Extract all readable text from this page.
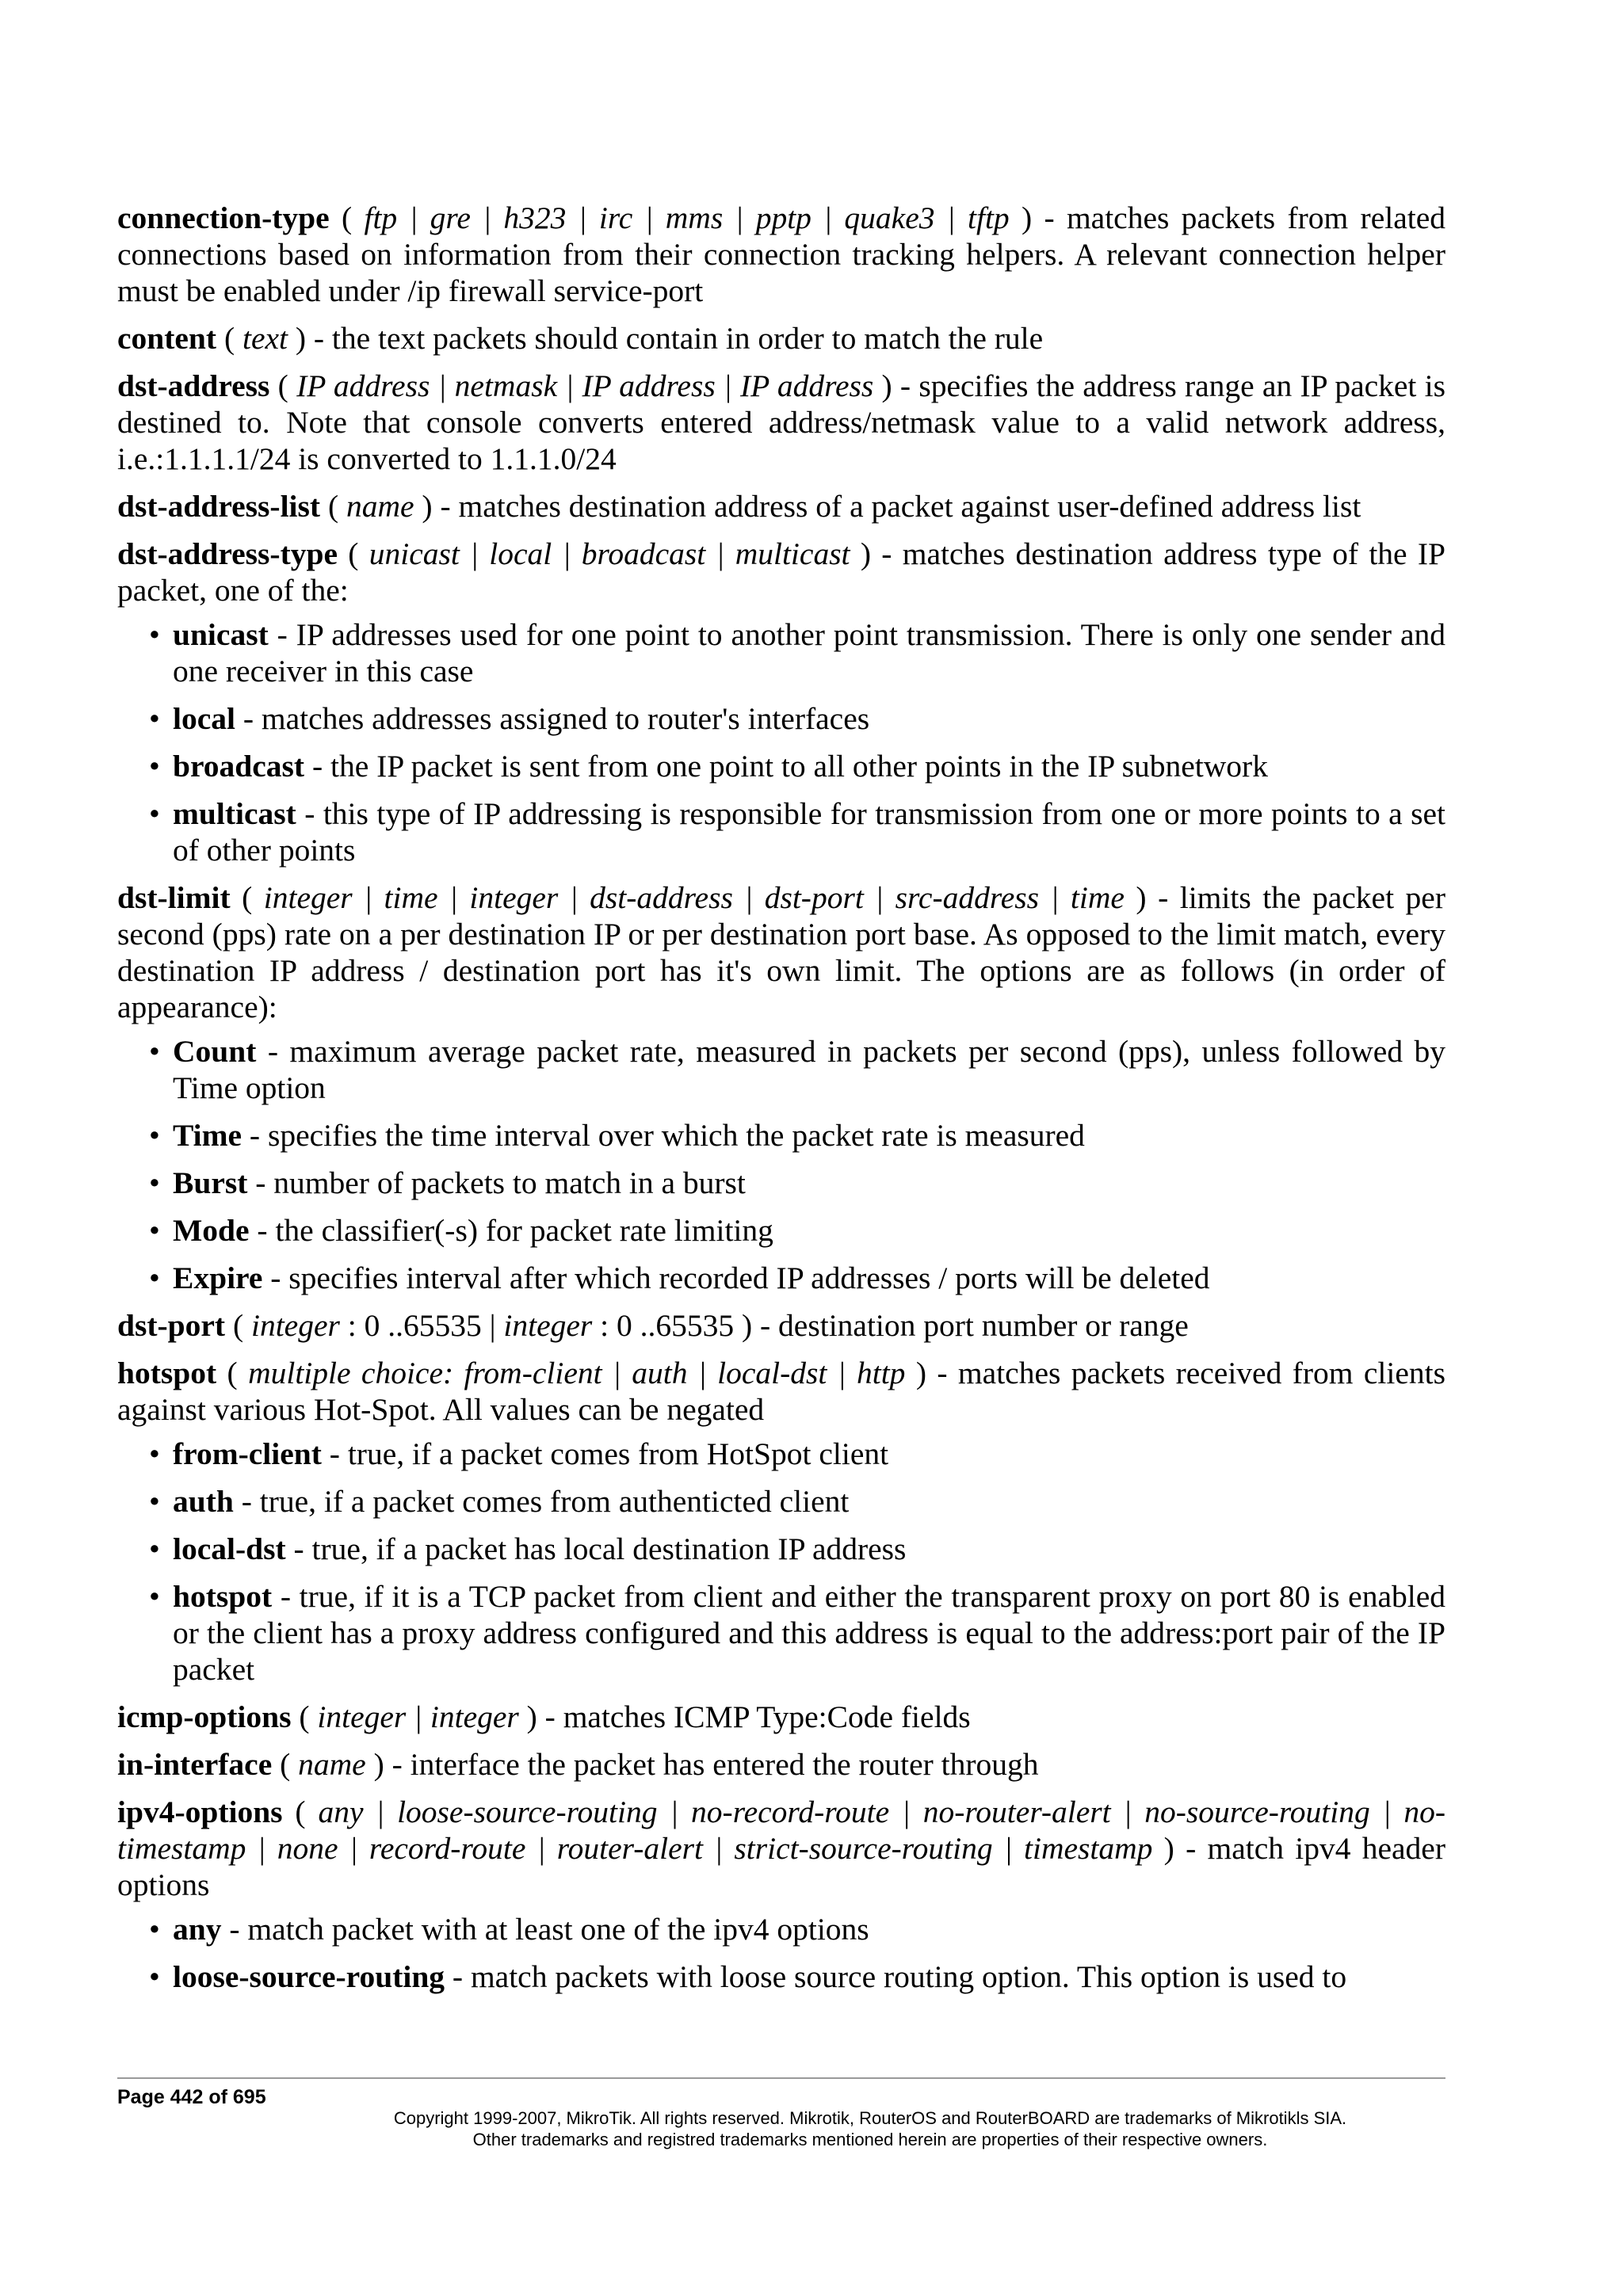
connection-type ( ftp | gre | h323 | irc | mms | pptp | quake3 | tftp ) - matches packets from related connections based on information from their connection tracking helpers. A relevant connection helper must be enabled under /ip firewall service-port

content ( text ) - the text packets should contain in order to match the rule

dst-address ( IP address | netmask | IP address | IP address ) - specifies the address range an IP packet is destined to. Note that console converts entered address/netmask value to a valid network address, i.e.:1.1.1.1/24 is converted to 1.1.1.0/24

dst-address-list ( name ) - matches destination address of a packet against user-defined address list

dst-address-type ( unicast | local | broadcast | multicast ) - matches destination address type of the IP packet, one of the:

• unicast - IP addresses used for one point to another point transmission. There is only one sender and one receiver in this case
• local - matches addresses assigned to router's interfaces
• broadcast - the IP packet is sent from one point to all other points in the IP subnetwork
• multicast - this type of IP addressing is responsible for transmission from one or more points to a set of other points

dst-limit ( integer | time | integer | dst-address | dst-port | src-address | time ) - limits the packet per second (pps) rate on a per destination IP or per destination port base. As opposed to the limit match, every destination IP address / destination port has it's own limit. The options are as follows (in order of appearance):

• Count - maximum average packet rate, measured in packets per second (pps), unless followed by Time option
• Time - specifies the time interval over which the packet rate is measured
• Burst - number of packets to match in a burst
• Mode - the classifier(-s) for packet rate limiting
• Expire - specifies interval after which recorded IP addresses / ports will be deleted

dst-port ( integer : 0 ..65535 | integer : 0 ..65535 ) - destination port number or range

hotspot ( multiple choice: from-client | auth | local-dst | http ) - matches packets received from clients against various Hot-Spot. All values can be negated

• from-client - true, if a packet comes from HotSpot client
• auth - true, if a packet comes from authenticted client
• local-dst - true, if a packet has local destination IP address
• hotspot - true, if it is a TCP packet from client and either the transparent proxy on port 80 is enabled or the client has a proxy address configured and this address is equal to the address:port pair of the IP packet

icmp-options ( integer | integer ) - matches ICMP Type:Code fields

in-interface ( name ) - interface the packet has entered the router through

ipv4-options ( any | loose-source-routing | no-record-route | no-router-alert | no-source-routing | no-timestamp | none | record-route | router-alert | strict-source-routing | timestamp ) - match ipv4 header options

• any - match packet with at least one of the ipv4 options
• loose-source-routing - match packets with loose source routing option. This option is used to
Page 442 of 695
Copyright 1999-2007, MikroTik. All rights reserved. Mikrotik, RouterOS and RouterBOARD are trademarks of Mikrotikls SIA.
Other trademarks and registred trademarks mentioned herein are properties of their respective owners.
